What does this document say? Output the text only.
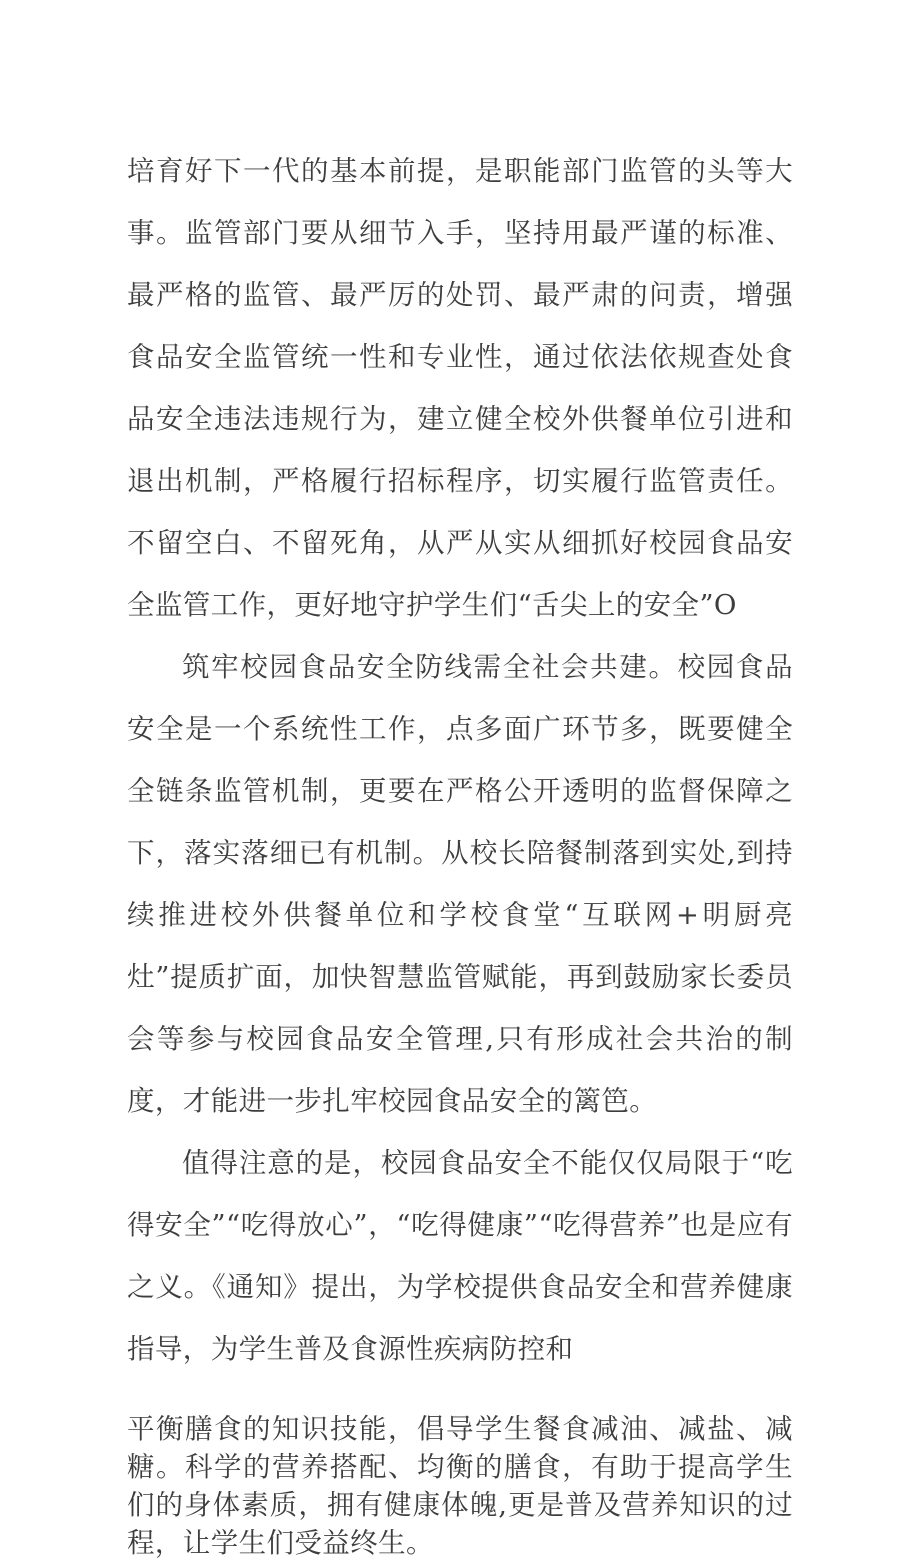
培育好下一代的基本前提，是职能部门监管的头等大事。监管部门要从细节入手，坚持用最严谨的标准、最严格的监管、最严厉的处罚、最严肃的问责，增强食品安全监管统一性和专业性，通过依法依规查处食品安全违法违规行为，建立健全校外供餐单位引进和退出机制，严格履行招标程序，切实履行监管责任。不留空白、不留死角，从严从实从细抓好校园食品安全监管工作，更好地守护学生们“舌尖上的安全”O

筑牢校园食品安全防线需全社会共建。校园食品安全是一个系统性工作，点多面广环节多，既要健全全链条监管机制，更要在严格公开透明的监督保障之下，落实落细已有机制。从校长陪餐制落到实处,到持续推进校外供餐单位和学校食堂“互联网+明厨亮灶”提质扩面，加快智慧监管赋能，再到鼓励家长委员会等参与校园食品安全管理,只有形成社会共治的制度，才能进一步扎牢校园食品安全的篱笆。

值得注意的是，校园食品安全不能仅仅局限于“吃得安全”“吃得放心”，“吃得健康”“吃得营养”也是应有之义。《通知》提出，为学校提供食品安全和营养健康指导，为学生普及食源性疾病防控和

平衡膳食的知识技能，倡导学生餐食减油、减盐、减糖。科学的营养搭配、均衡的膳食，有助于提高学生们的身体素质，拥有健康体魄,更是普及营养知识的过程，让学生们受益终生。
